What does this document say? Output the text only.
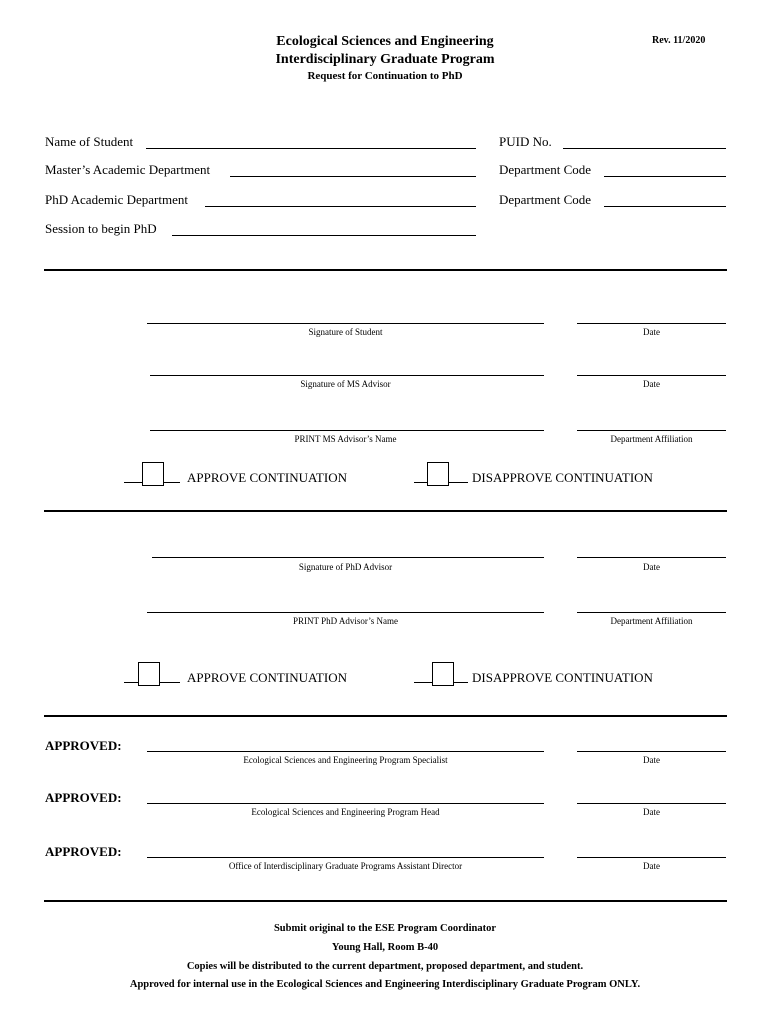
Ecological Sciences and Engineering
Interdisciplinary Graduate Program
Request for Continuation to PhD
Rev. 11/2020
Name of Student	PUID No.
Master’s Academic Department	Department Code
PhD Academic Department	Department Code
Session to begin PhD
Signature of Student	Date
Signature of MS Advisor	Date
PRINT MS Advisor’s Name	Department Affiliation
APPROVE CONTINUATION	DISAPPROVE CONTINUATION
Signature of PhD Advisor	Date
PRINT PhD Advisor’s Name	Department Affiliation
APPROVE CONTINUATION	DISAPPROVE CONTINUATION
APPROVED:
Ecological Sciences and Engineering Program Specialist	Date
APPROVED:
Ecological Sciences and Engineering Program Head	Date
APPROVED:
Office of Interdisciplinary Graduate Programs Assistant Director	Date
Submit original to the ESE Program Coordinator
Young Hall, Room B-40
Copies will be distributed to the current department, proposed department, and student.
Approved for internal use in the Ecological Sciences and Engineering Interdisciplinary Graduate Program ONLY.
